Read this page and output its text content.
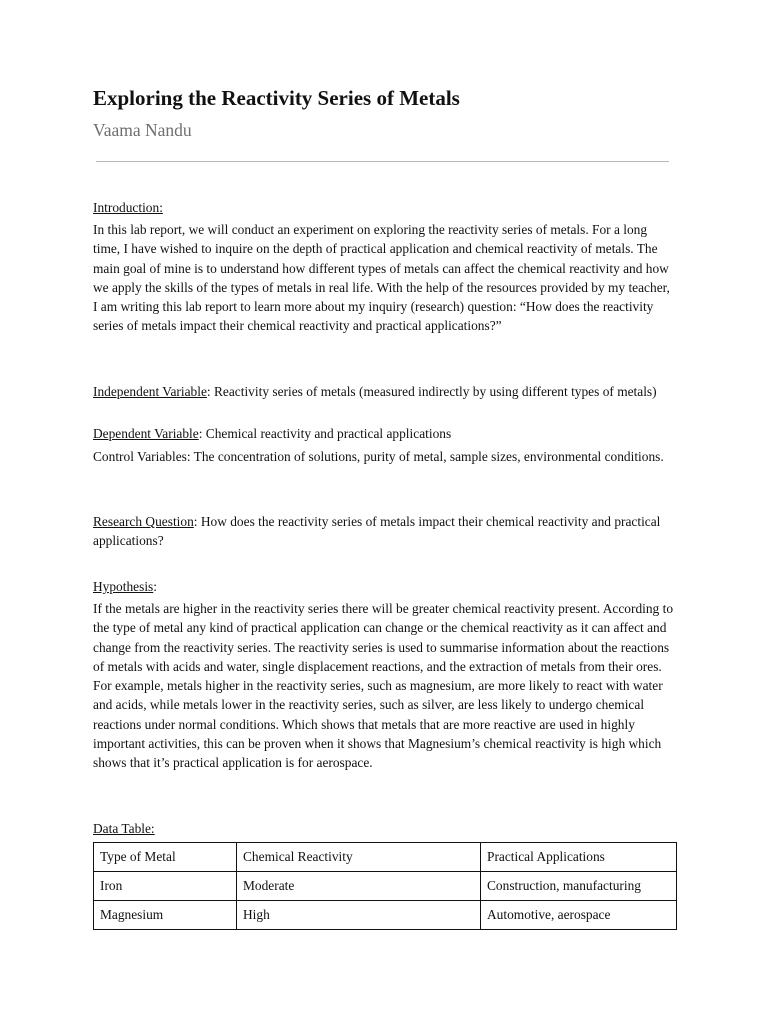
Exploring the Reactivity Series of Metals

Vaama Nandu

Introduction:

In this lab report, we will conduct an experiment on exploring the reactivity series of metals. For a long time, I have wished to inquire on the depth of practical application and chemical reactivity of metals. The main goal of mine is to understand how different types of metals can affect the chemical reactivity and how we apply the skills of the types of metals in real life. With the help of the resources provided by my teacher, I am writing this lab report to learn more about my inquiry (research) question: “How does the reactivity series of metals impact their chemical reactivity and practical applications?”

Independent Variable: Reactivity series of metals (measured indirectly by using different types of metals)

Dependent Variable: Chemical reactivity and practical applications

Control Variables: The concentration of solutions, purity of metal, sample sizes, environmental conditions.

Research Question: How does the reactivity series of metals impact their chemical reactivity and practical applications?

Hypothesis:

If the metals are higher in the reactivity series there will be greater chemical reactivity present. According to the type of metal any kind of practical application can change or the chemical reactivity as it can affect and change from the reactivity series. The reactivity series is used to summarise information about the reactions of metals with acids and water, single displacement reactions, and the extraction of metals from their ores. For example, metals higher in the reactivity series, such as magnesium, are more likely to react with water and acids, while metals lower in the reactivity series, such as silver, are less likely to undergo chemical reactions under normal conditions. Which shows that metals that are more reactive are used in highly important activities, this can be proven when it shows that Magnesium’s chemical reactivity is high which shows that it’s practical application is for aerospace.

Data Table:

Type of Metal	Chemical Reactivity	Practical Applications
Iron	Moderate	Construction, manufacturing
Magnesium	High	Automotive, aerospace
